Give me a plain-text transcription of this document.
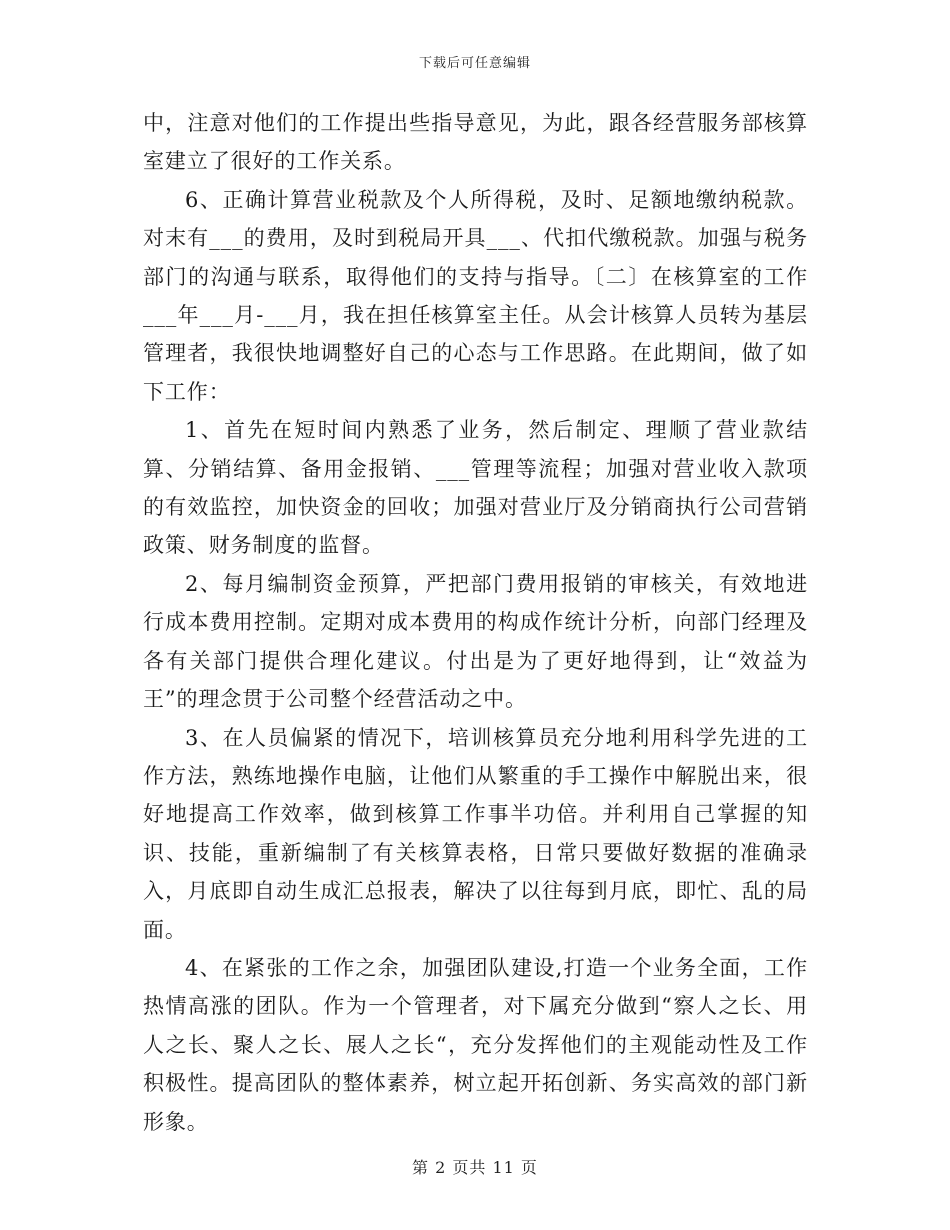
下载后可任意编辑

中，注意对他们的工作提出些指导意见，为此，跟各经营服务部核算室建立了很好的工作关系。

6、正确计算营业税款及个人所得税，及时、足额地缴纳税款。对末有___的费用，及时到税局开具___、代扣代缴税款。加强与税务部门的沟通与联系，取得他们的支持与指导。〔二〕在核算室的工作___年___月-___月，我在担任核算室主任。从会计核算人员转为基层管理者，我很快地调整好自己的心态与工作思路。在此期间，做了如下工作：

1、首先在短时间内熟悉了业务，然后制定、理顺了营业款结算、分销结算、备用金报销、___管理等流程；加强对营业收入款项的有效监控，加快资金的回收；加强对营业厅及分销商执行公司营销政策、财务制度的监督。

2、每月编制资金预算，严把部门费用报销的审核关，有效地进行成本费用控制。定期对成本费用的构成作统计分析，向部门经理及各有关部门提供合理化建议。付出是为了更好地得到，让“效益为王”的理念贯于公司整个经营活动之中。

3、在人员偏紧的情况下，培训核算员充分地利用科学先进的工作方法，熟练地操作电脑，让他们从繁重的手工操作中解脱出来，很好地提高工作效率，做到核算工作事半功倍。并利用自己掌握的知识、技能，重新编制了有关核算表格，日常只要做好数据的准确录入，月底即自动生成汇总报表，解决了以往每到月底，即忙、乱的局面。

4、在紧张的工作之余，加强团队建设,打造一个业务全面，工作热情高涨的团队。作为一个管理者，对下属充分做到“察人之长、用人之长、聚人之长、展人之长“，充分发挥他们的主观能动性及工作积极性。提高团队的整体素养，树立起开拓创新、务实高效的部门新形象。

第 2 页共 11 页
